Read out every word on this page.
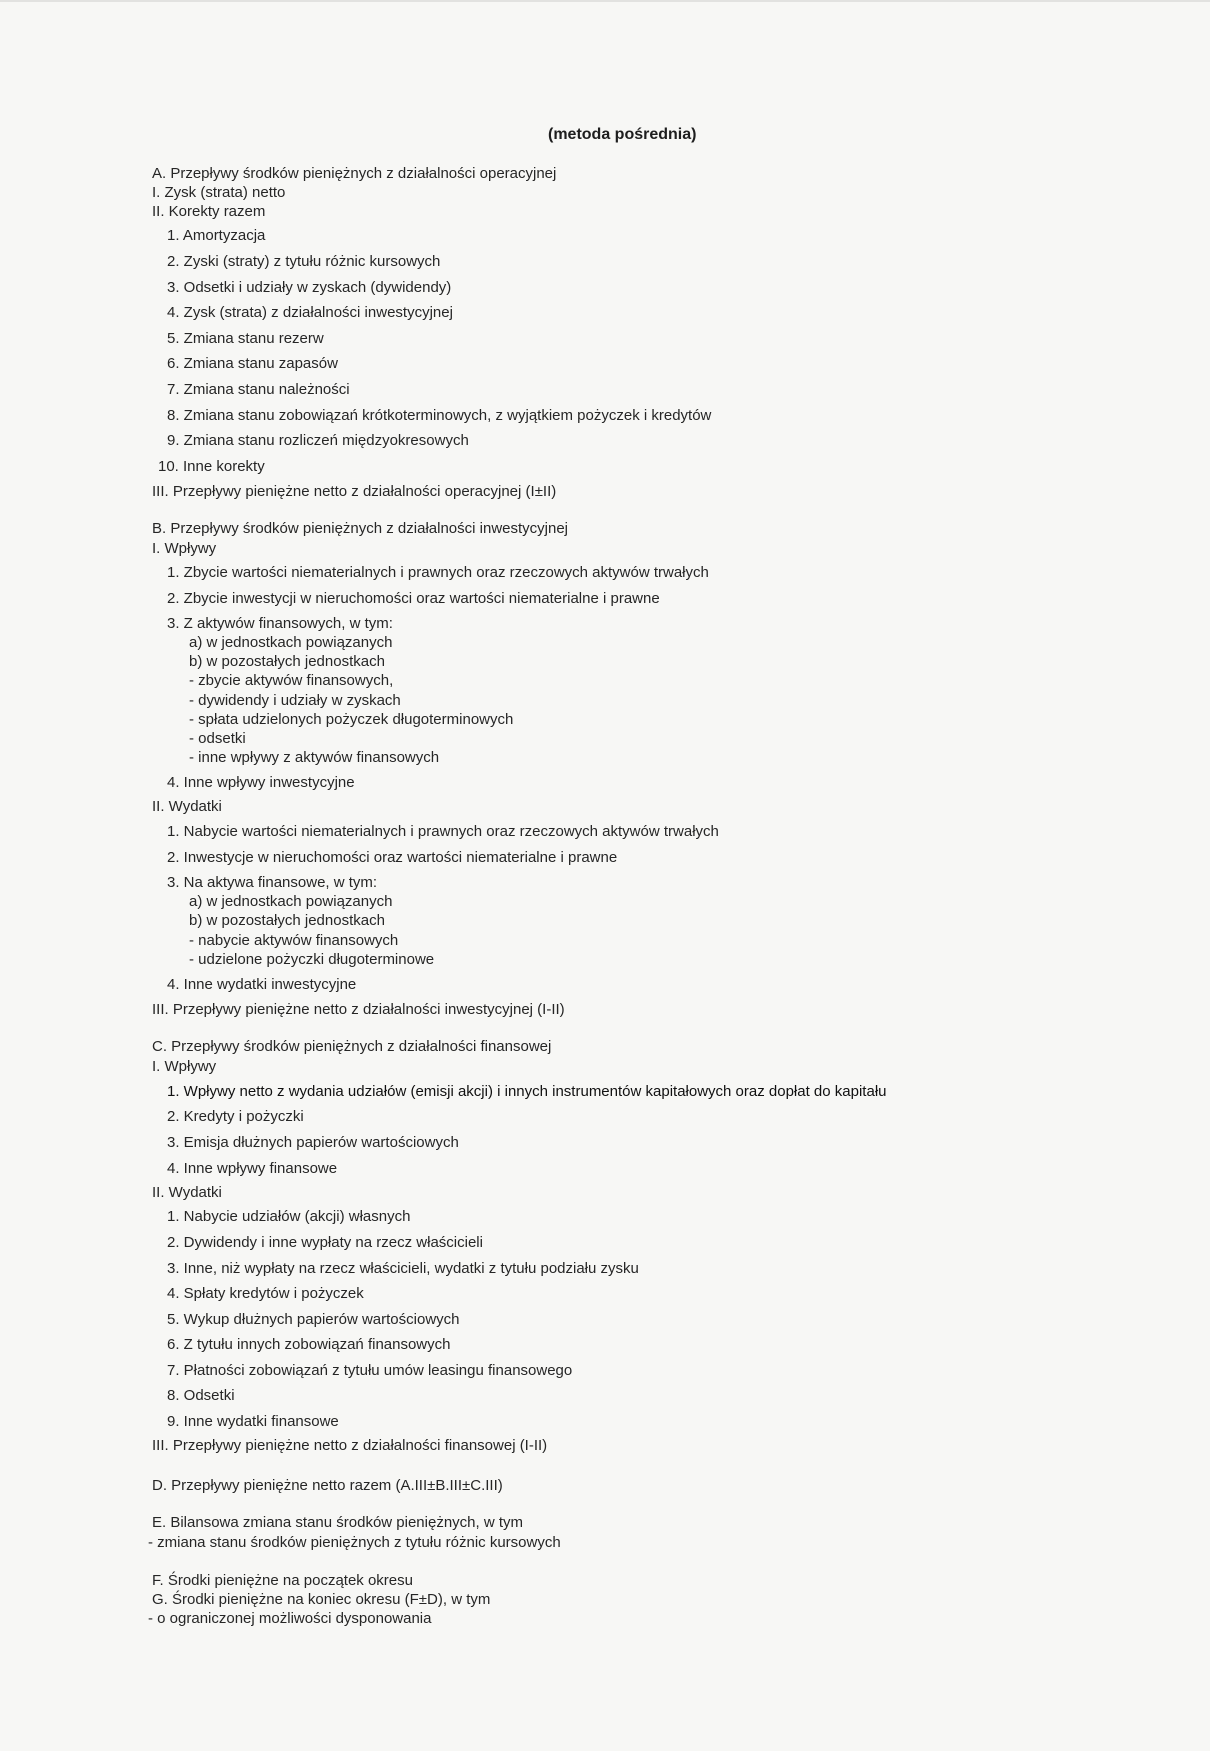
(metoda pośrednia)
A. Przepływy środków pieniężnych z działalności operacyjnej
I. Zysk (strata) netto
II. Korekty razem
1. Amortyzacja
2. Zyski (straty) z tytułu różnic kursowych
3. Odsetki i udziały w zyskach (dywidendy)
4. Zysk (strata) z działalności inwestycyjnej
5. Zmiana stanu rezerw
6. Zmiana stanu zapasów
7. Zmiana stanu należności
8. Zmiana stanu zobowiązań krótkoterminowych, z wyjątkiem pożyczek i kredytów
9. Zmiana stanu rozliczeń międzyokresowych
10. Inne korekty
III. Przepływy pieniężne netto z działalności operacyjnej (I±II)
B. Przepływy środków pieniężnych z działalności inwestycyjnej
I. Wpływy
1. Zbycie wartości niematerialnych i prawnych oraz rzeczowych aktywów trwałych
2. Zbycie inwestycji w nieruchomości oraz wartości niematerialne i prawne
3. Z aktywów finansowych, w tym:
a) w jednostkach powiązanych
b) w pozostałych jednostkach
- zbycie aktywów finansowych,
- dywidendy i udziały w zyskach
- spłata udzielonych pożyczek długoterminowych
- odsetki
- inne wpływy z aktywów finansowych
4. Inne wpływy inwestycyjne
II. Wydatki
1. Nabycie wartości niematerialnych i prawnych oraz rzeczowych aktywów trwałych
2. Inwestycje w nieruchomości oraz wartości niematerialne i prawne
3. Na aktywa finansowe, w tym:
a) w jednostkach powiązanych
b) w pozostałych jednostkach
- nabycie aktywów finansowych
- udzielone pożyczki długoterminowe
4. Inne wydatki inwestycyjne
III. Przepływy pieniężne netto z działalności inwestycyjnej (I-II)
C. Przepływy środków pieniężnych z działalności finansowej
I. Wpływy
1. Wpływy netto z wydania udziałów (emisji akcji) i innych instrumentów kapitałowych oraz dopłat do kapitału
2. Kredyty i pożyczki
3. Emisja dłużnych papierów wartościowych
4. Inne wpływy finansowe
II. Wydatki
1. Nabycie udziałów (akcji) własnych
2. Dywidendy i inne wypłaty na rzecz właścicieli
3. Inne, niż wypłaty na rzecz właścicieli, wydatki z tytułu podziału zysku
4. Spłaty kredytów i pożyczek
5. Wykup dłużnych papierów wartościowych
6. Z tytułu innych zobowiązań finansowych
7. Płatności zobowiązań z tytułu umów leasingu finansowego
8. Odsetki
9. Inne wydatki finansowe
III. Przepływy pieniężne netto z działalności finansowej (I-II)
D. Przepływy pieniężne netto razem (A.III±B.III±C.III)
E. Bilansowa zmiana stanu środków pieniężnych, w tym
- zmiana stanu środków pieniężnych z tytułu różnic kursowych
F. Środki pieniężne na początek okresu
G. Środki pieniężne na koniec okresu (F±D), w tym
- o ograniczonej możliwości dysponowania
